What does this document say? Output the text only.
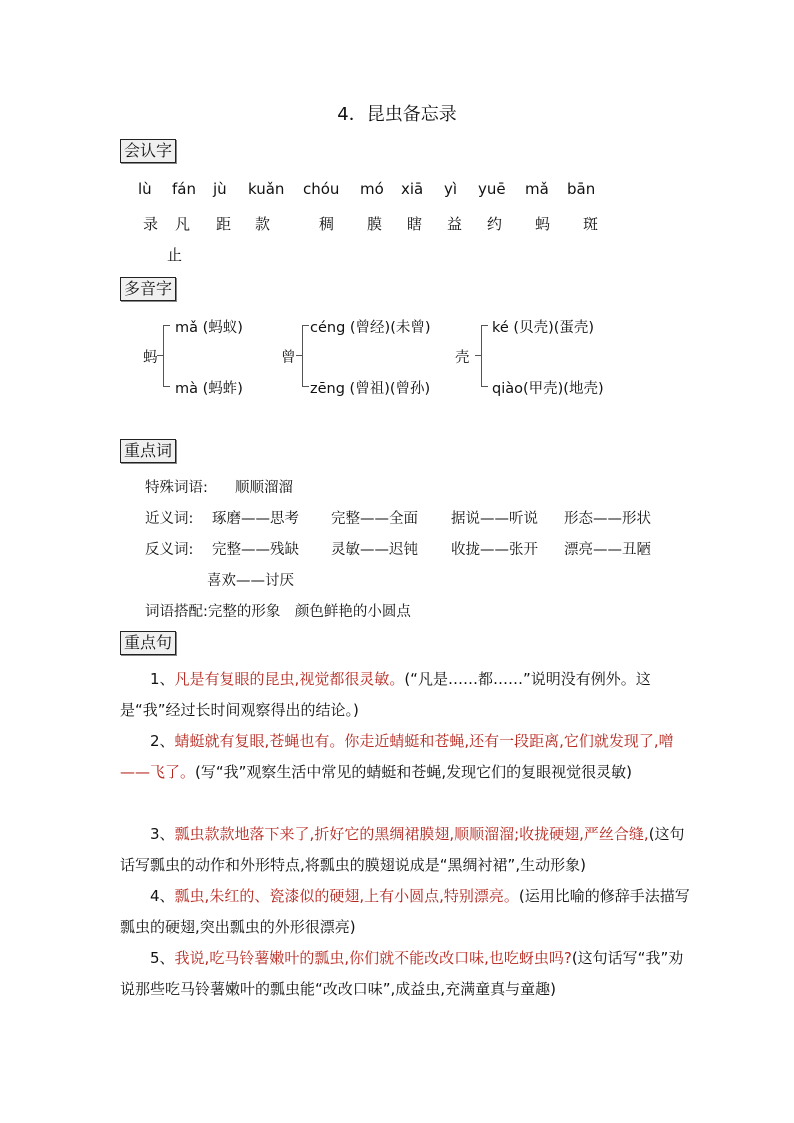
4．昆虫备忘录
会认字
lù fán jù kuǎn chóu mó xiā yì yuē mǎ bān
录 凡 距 款	稠 膜 瞎 益 约 蚂 斑
止
多音字
蚂
mǎ (蚂蚁)
mà (蚂蚱)
曾
céng (曾经)(未曾)
zēng (曾祖)(曾孙)
壳
ké (贝壳)(蛋壳)
qiào(甲壳)(地壳)
重点词
特殊词语: 顺顺溜溜
近义词: 琢磨——思考 完整——全面 据说——听说 形态——形状
反义词: 完整——残缺 灵敏——迟钝 收拢——张开 漂亮——丑陋
喜欢——讨厌
词语搭配:完整的形象　颜色鲜艳的小圆点
重点句
1、凡是有复眼的昆虫,视觉都很灵敏。(“凡是……都……”说明没有例外。这是“我”经过长时间观察得出的结论。)
2、蜻蜓就有复眼,苍蝇也有。你走近蜻蜓和苍蝇,还有一段距离,它们就发现了,噌——飞了。(写“我”观察生活中常见的蜻蜓和苍蝇,发现它们的复眼视觉很灵敏)
3、瓢虫款款地落下来了,折好它的黑绸裙膜翅,顺顺溜溜;收拢硬翅,严丝合缝,(这句话写瓢虫的动作和外形特点,将瓢虫的膜翅说成是“黑绸衬裙”,生动形象)
4、瓢虫,朱红的、瓷漆似的硬翅,上有小圆点,特别漂亮。(运用比喻的修辞手法描写瓢虫的硬翅,突出瓢虫的外形很漂亮)
5、我说,吃马铃薯嫩叶的瓢虫,你们就不能改改口味,也吃蚜虫吗?(这句话写“我”劝说那些吃马铃薯嫩叶的瓢虫能“改改口味”,成益虫,充满童真与童趣)
